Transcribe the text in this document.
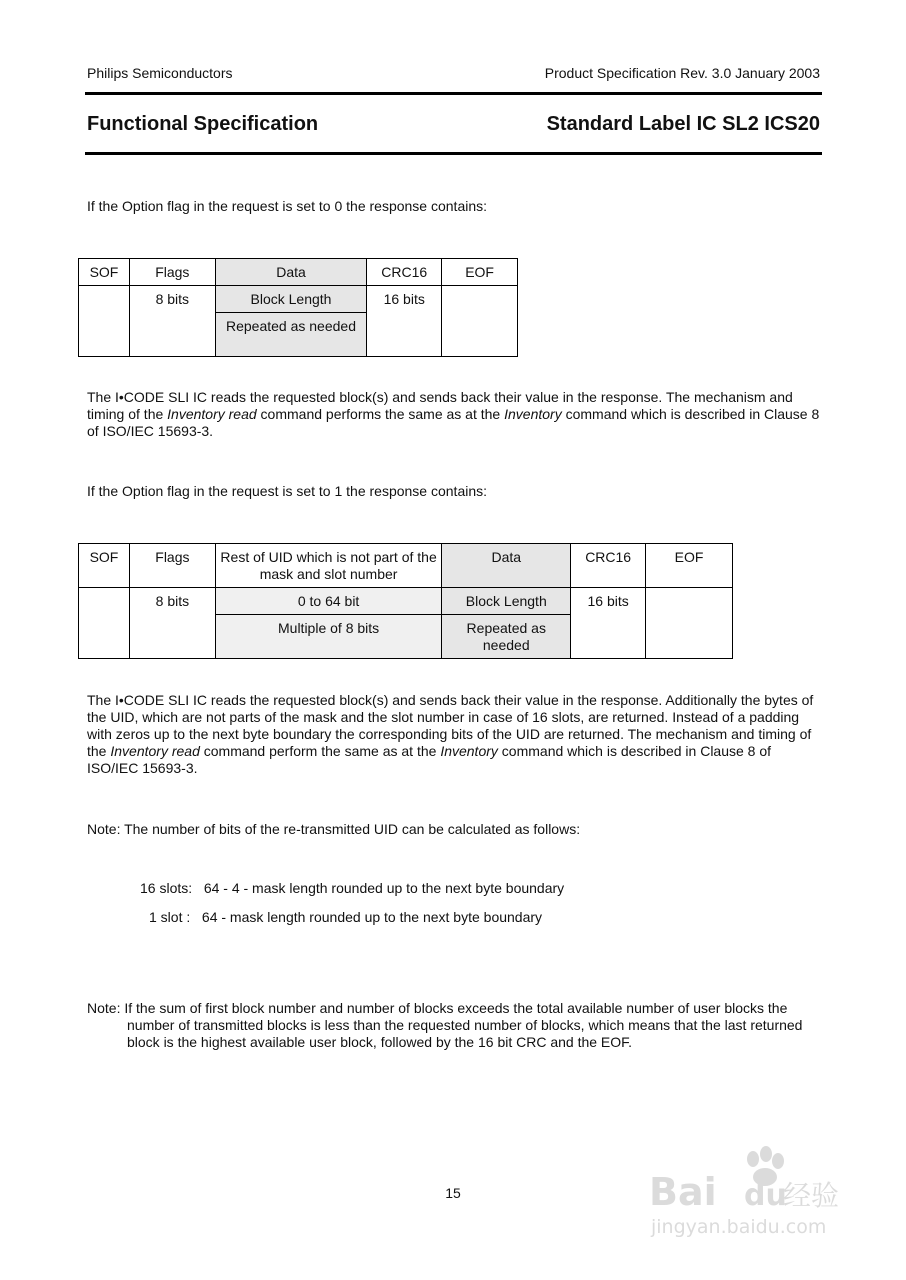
Philips Semiconductors	Product Specification Rev. 3.0 January 2003
Functional Specification	Standard Label IC SL2 ICS20
If the Option flag in the request is set to 0 the response contains:
SOF	Flags	Data	CRC16	EOF
	8 bits	Block Length	16 bits	
		Repeated as needed		
The I•CODE SLI IC reads the requested block(s) and sends back their value in the response. The mechanism and timing of the Inventory read command performs the same as at the Inventory command which is described in Clause 8 of ISO/IEC 15693-3.
If the Option flag in the request is set to 1 the response contains:
SOF	Flags	Rest of UID which is not part of the mask and slot number	Data	CRC16	EOF
	8 bits	0 to 64 bit	Block Length	16 bits	
		Multiple of 8 bits	Repeated as needed		
The I•CODE SLI IC reads the requested block(s) and sends back their value in the response. Additionally the bytes of the UID, which are not parts of the mask and the slot number in case of 16 slots, are returned. Instead of a padding with zeros up to the next byte boundary the corresponding bits of the UID are returned. The mechanism and timing of the Inventory read command perform the same as at the Inventory command which is described in Clause 8 of ISO/IEC 15693-3.
Note: The number of bits of the re-transmitted UID can be calculated as follows:
16 slots: 64 - 4 - mask length rounded up to the next byte boundary
1 slot : 64 - mask length rounded up to the next byte boundary
Note: If the sum of first block number and number of blocks exceeds the total available number of user blocks the number of transmitted blocks is less than the requested number of blocks, which means that the last returned block is the highest available user block, followed by the 16 bit CRC and the EOF.
15	Bai du
经验
jingyan.baidu.com
